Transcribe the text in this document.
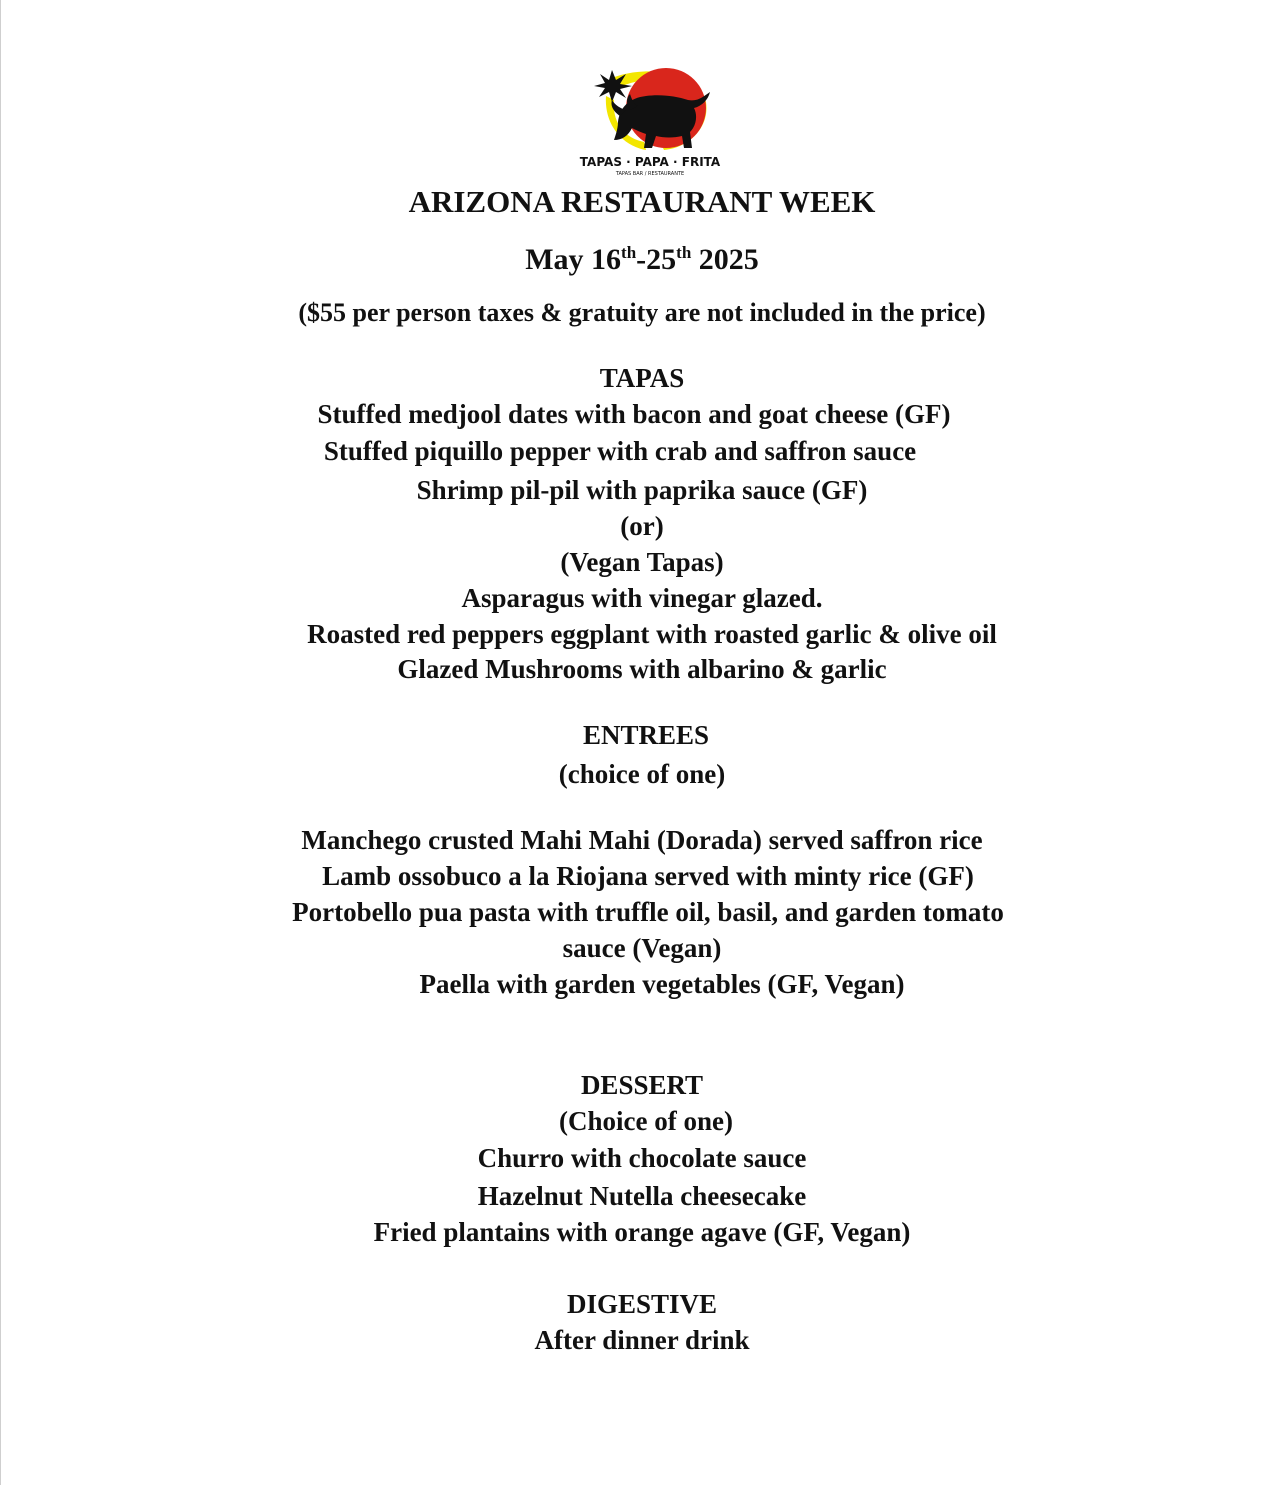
TAPAS · PAPA · FRITA
TAPAS BAR / RESTAURANTE
ARIZONA RESTAURANT WEEK
May 16th-25th 2025
($55 per person taxes & gratuity are not included in the price)
TAPAS
Stuffed medjool dates with bacon and goat cheese (GF)
Stuffed piquillo pepper with crab and saffron sauce
Shrimp pil-pil with paprika sauce (GF)
(or)
(Vegan Tapas)
Asparagus with vinegar glazed.
Roasted red peppers eggplant with roasted garlic & olive oil
Glazed Mushrooms with albarino & garlic
ENTREES
(choice of one)
Manchego crusted Mahi Mahi (Dorada) served saffron rice
Lamb ossobuco a la Riojana served with minty rice (GF)
Portobello pua pasta with truffle oil, basil, and garden tomato
sauce (Vegan)
Paella with garden vegetables (GF, Vegan)
DESSERT
(Choice of one)
Churro with chocolate sauce
Hazelnut Nutella cheesecake
Fried plantains with orange agave (GF, Vegan)
DIGESTIVE
After dinner drink
